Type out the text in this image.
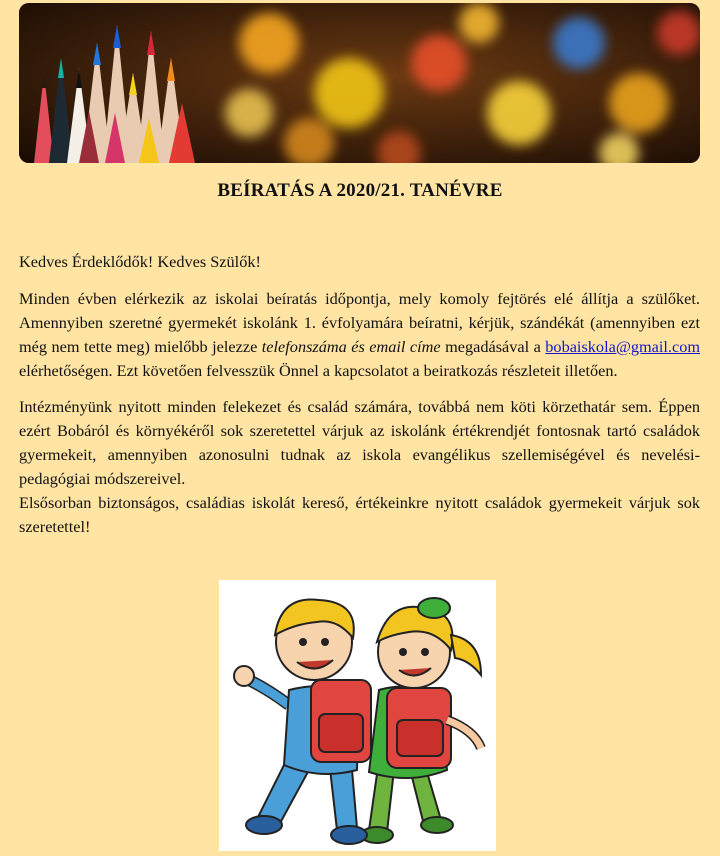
BEÍRATÁS A 2020/21. TANÉVRE

Kedves Érdeklődők! Kedves Szülők!

Minden évben elérkezik az iskolai beíratás időpontja, mely komoly fejtörés elé állítja a szülőket. Amennyiben szeretné gyermekét iskolánk 1. évfolyamára beíratni, kérjük, szándékát (amennyiben ezt még nem tette meg) mielőbb jelezze telefonszáma és email címe megadásával a bobaiskola@gmail.com elérhetőségen. Ezt követően felvesszük Önnel a kapcsolatot a beiratkozás részleteit illetően.

Intézményünk nyitott minden felekezet és család számára, továbbá nem köti körzethatár sem. Éppen ezért Bobáról és környékéről sok szeretettel várjuk az iskolánk értékrendjét fontosnak tartó családok gyermekeit, amennyiben azonosulni tudnak az iskola evangélikus szellemiségével és nevelési-pedagógiai módszereivel.

Elsősorban biztonságos, családias iskolát kereső, értékeinkre nyitott családok gyermekeit várjuk sok szeretettel!
